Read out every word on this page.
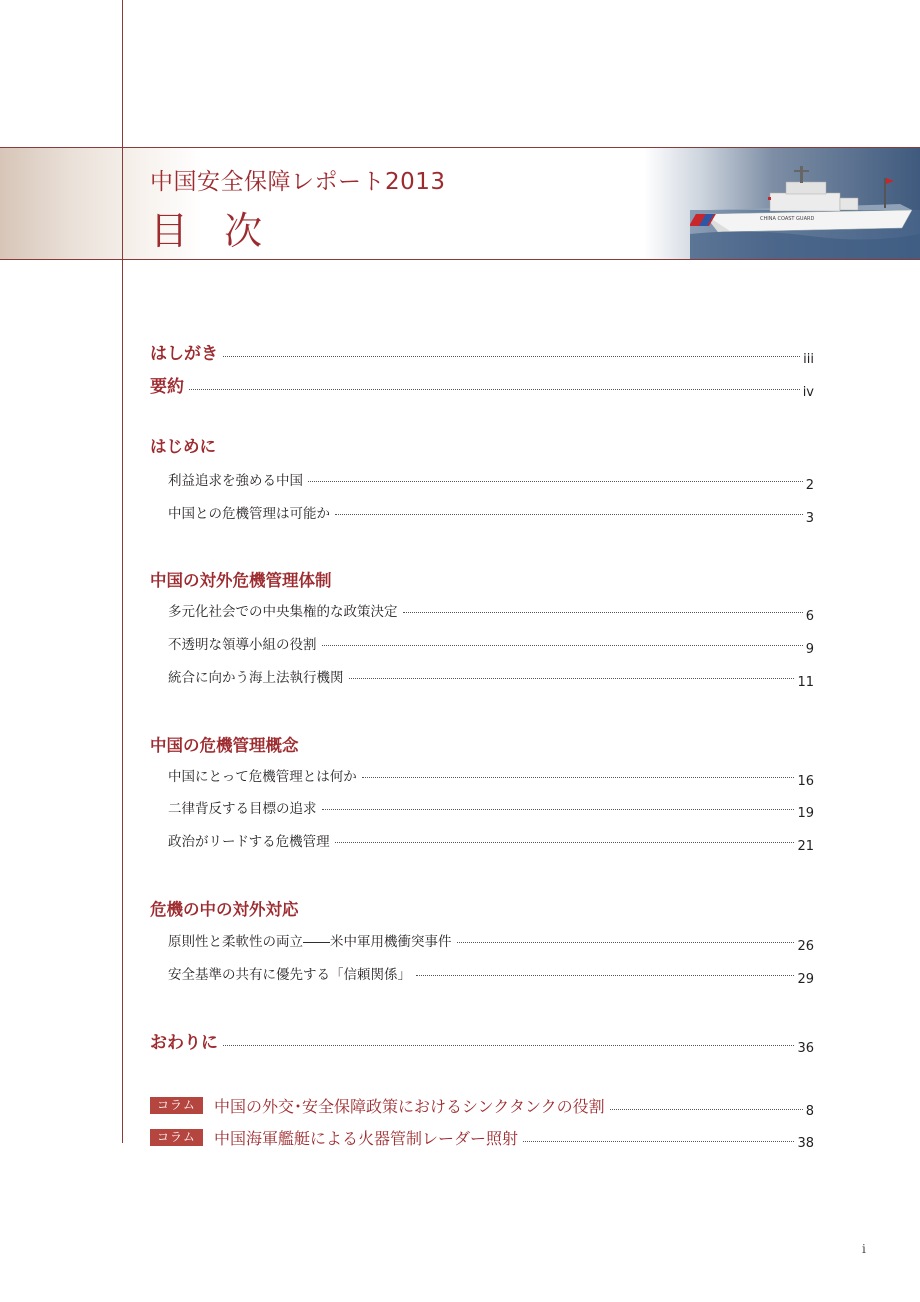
中国安全保障レポート2013
目 次	CHINA COAST GUARD
はしがき	iii
要約	iv
はじめに
利益追求を強める中国	2
中国との危機管理は可能か	3
中国の対外危機管理体制
多元化社会での中央集権的な政策決定	6
不透明な領導小組の役割	9
統合に向かう海上法執行機関	11
中国の危機管理概念
中国にとって危機管理とは何か	16
二律背反する目標の追求	19
政治がリードする危機管理	21
危機の中の対外対応
原則性と柔軟性の両立――米中軍用機衝突事件	26
安全基準の共有に優先する「信頼関係」	29
おわりに	36
コラム	中国の外交･安全保障政策におけるシンクタンクの役割	8
コラム	中国海軍艦艇による火器管制レーダー照射	38
i
